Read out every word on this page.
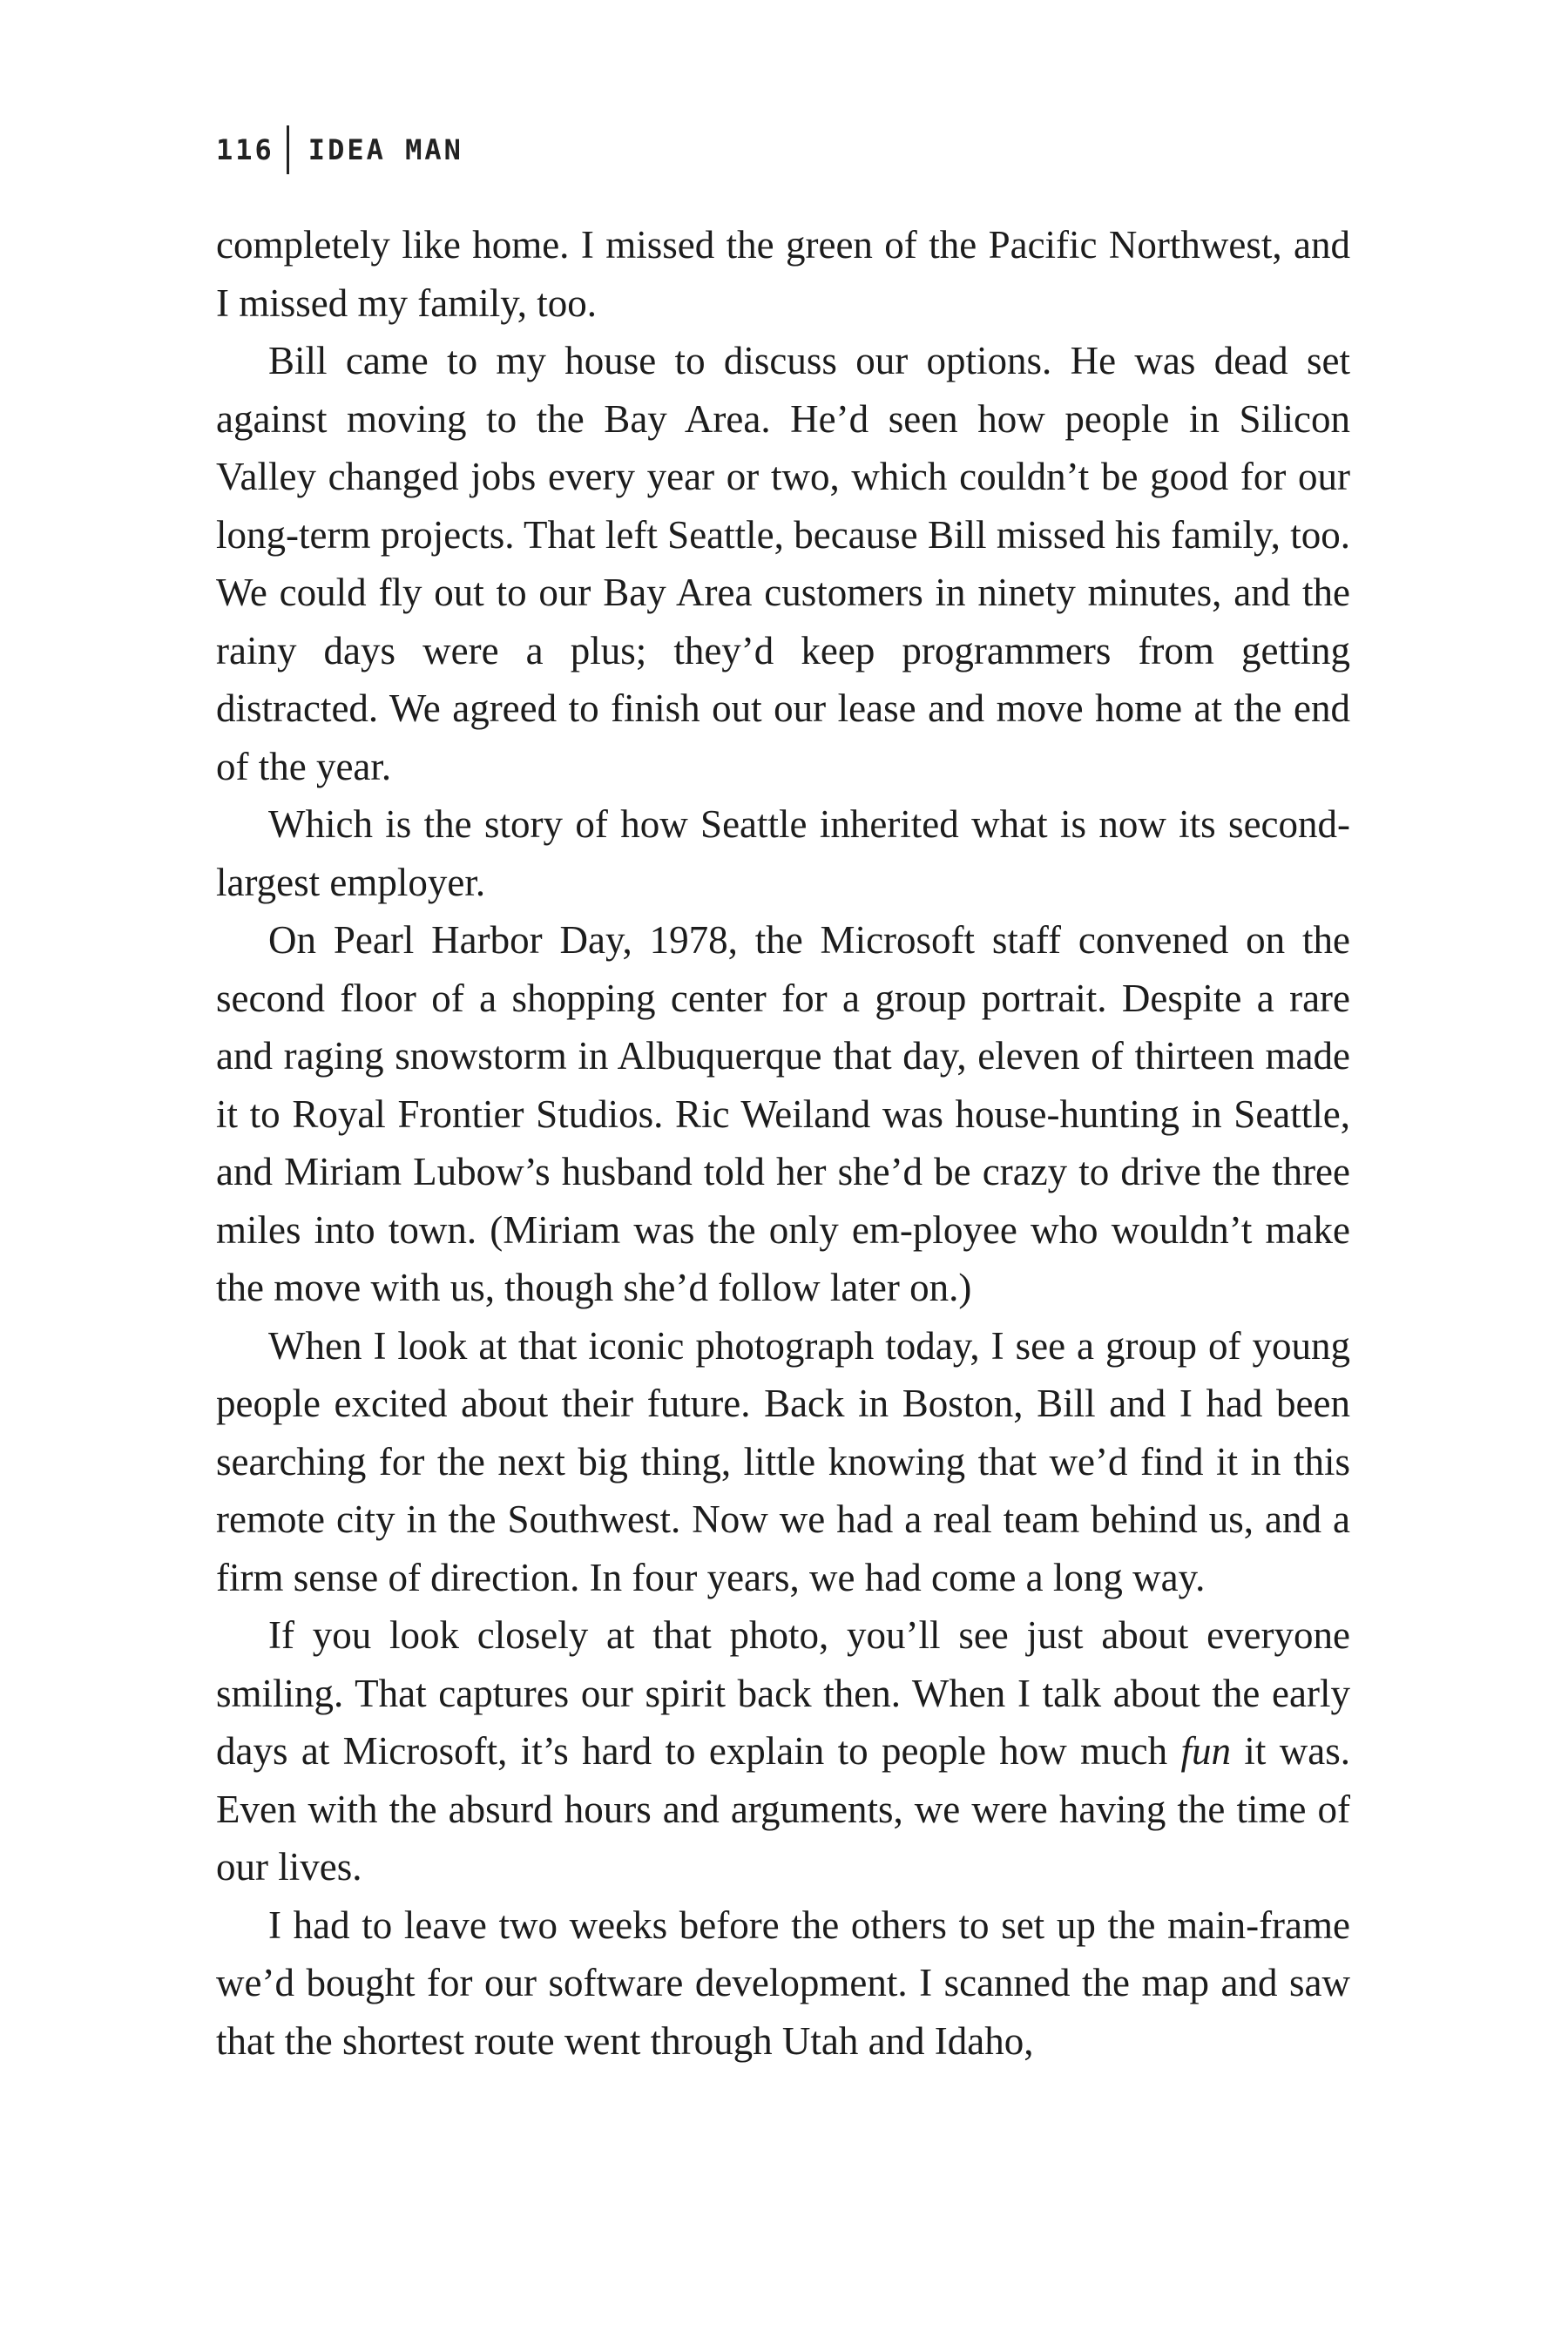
116	IDEA MAN

completely like home. I missed the green of the Pacific Northwest, and I missed my family, too.

Bill came to my house to discuss our options. He was dead set against moving to the Bay Area. He’d seen how people in Silicon Valley changed jobs every year or two, which couldn’t be good for our long-term projects. That left Seattle, because Bill missed his family, too. We could fly out to our Bay Area customers in ninety minutes, and the rainy days were a plus; they’d keep programmers from getting distracted. We agreed to finish out our lease and move home at the end of the year.

Which is the story of how Seattle inherited what is now its second-largest employer.

On Pearl Harbor Day, 1978, the Microsoft staff convened on the second floor of a shopping center for a group portrait. Despite a rare and raging snowstorm in Albuquerque that day, eleven of thirteen made it to Royal Frontier Studios. Ric Weiland was house-hunting in Seattle, and Miriam Lubow’s husband told her she’d be crazy to drive the three miles into town. (Miriam was the only em-ployee who wouldn’t make the move with us, though she’d follow later on.)

When I look at that iconic photograph today, I see a group of young people excited about their future. Back in Boston, Bill and I had been searching for the next big thing, little knowing that we’d find it in this remote city in the Southwest. Now we had a real team behind us, and a firm sense of direction. In four years, we had come a long way.

If you look closely at that photo, you’ll see just about everyone smiling. That captures our spirit back then. When I talk about the early days at Microsoft, it’s hard to explain to people how much fun it was. Even with the absurd hours and arguments, we were having the time of our lives.

I had to leave two weeks before the others to set up the main-frame we’d bought for our software development. I scanned the map and saw that the shortest route went through Utah and Idaho,
